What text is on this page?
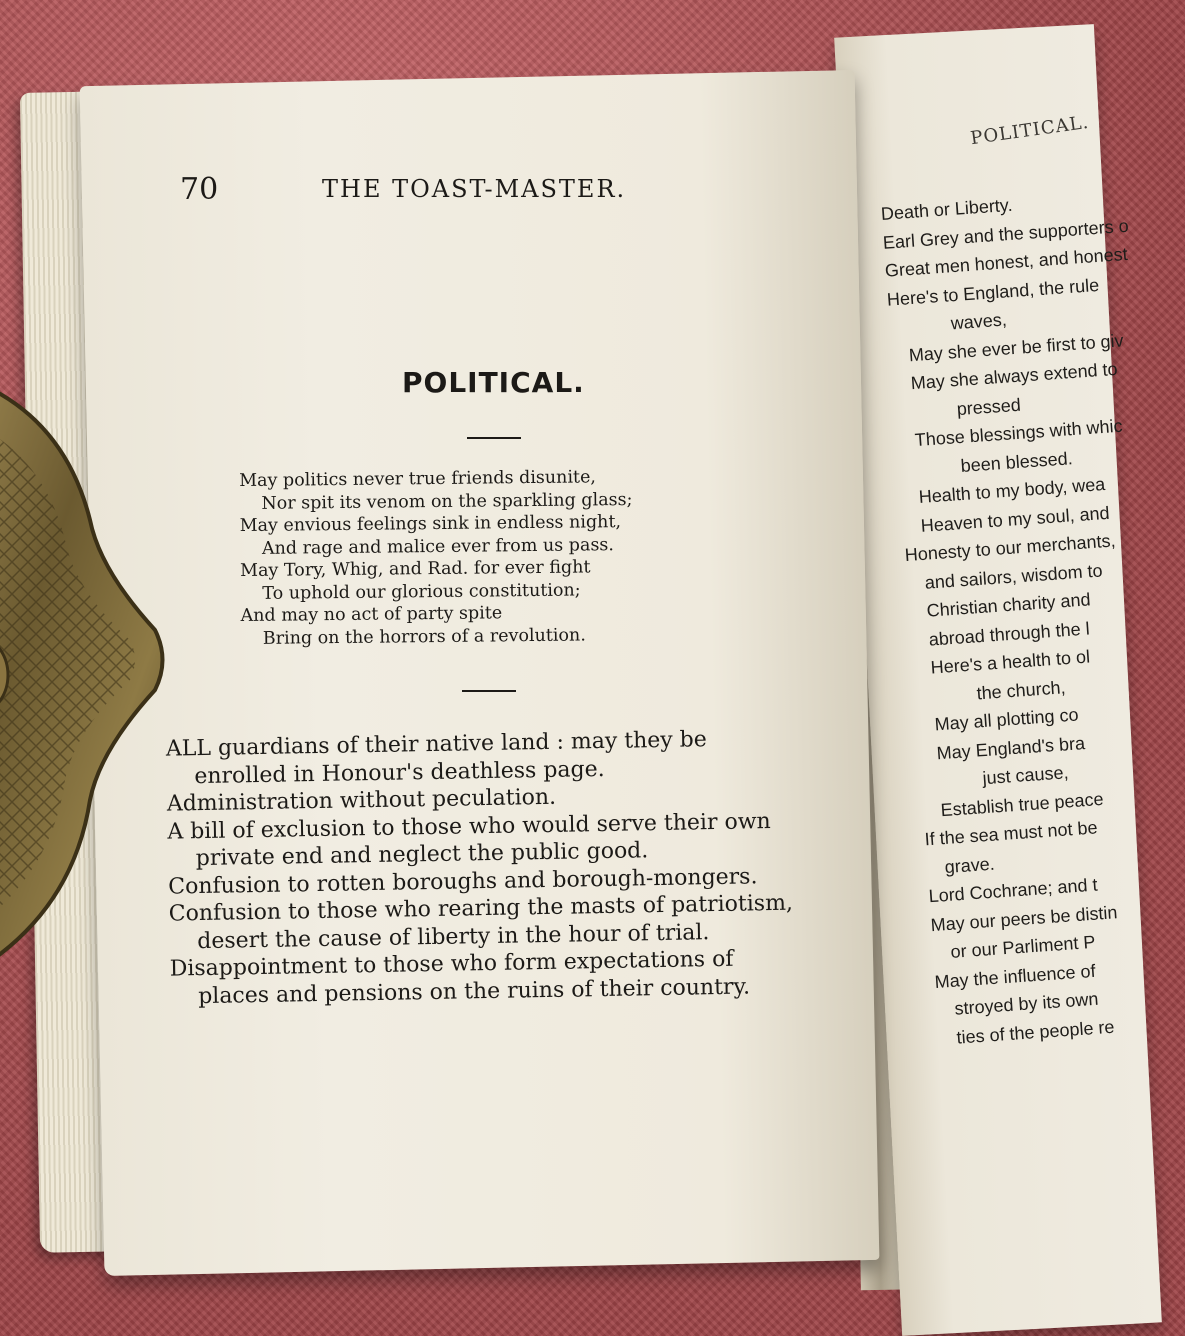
70	THE TOAST-MASTER.
POLITICAL.
May politics never true friends disunite,
Nor spit its venom on the sparkling glass;
May envious feelings sink in endless night,
And rage and malice ever from us pass.
May Tory, Whig, and Rad. for ever fight
To uphold our glorious constitution;
And may no act of party spite
Bring on the horrors of a revolution.

ALL guardians of their native land : may they be enrolled in Honour's deathless page.

Administration without peculation.

A bill of exclusion to those who would serve their own private end and neglect the public good.

Confusion to rotten boroughs and borough-mongers.

Confusion to those who rearing the masts of patriotism, desert the cause of liberty in the hour of trial.

Disappointment to those who form expectations of places and pensions on the ruins of their country.

POLITICAL.
Death or Liberty.
Earl Grey and the supporters o
Great men honest, and honest
Here's to England, the rule
waves,
May she ever be first to giv
May she always extend to
pressed
Those blessings with whic
been blessed.
Health to my body, wea
Heaven to my soul, and
Honesty to our merchants,
and sailors, wisdom to
Christian charity and
abroad through the l
Here's a health to ol
the church,
May all plotting co
May England's bra
just cause,
Establish true peace
If the sea must not be
grave.
Lord Cochrane; and t
May our peers be distin
or our Parliment P
May the influence of
stroyed by its own
ties of the people re
